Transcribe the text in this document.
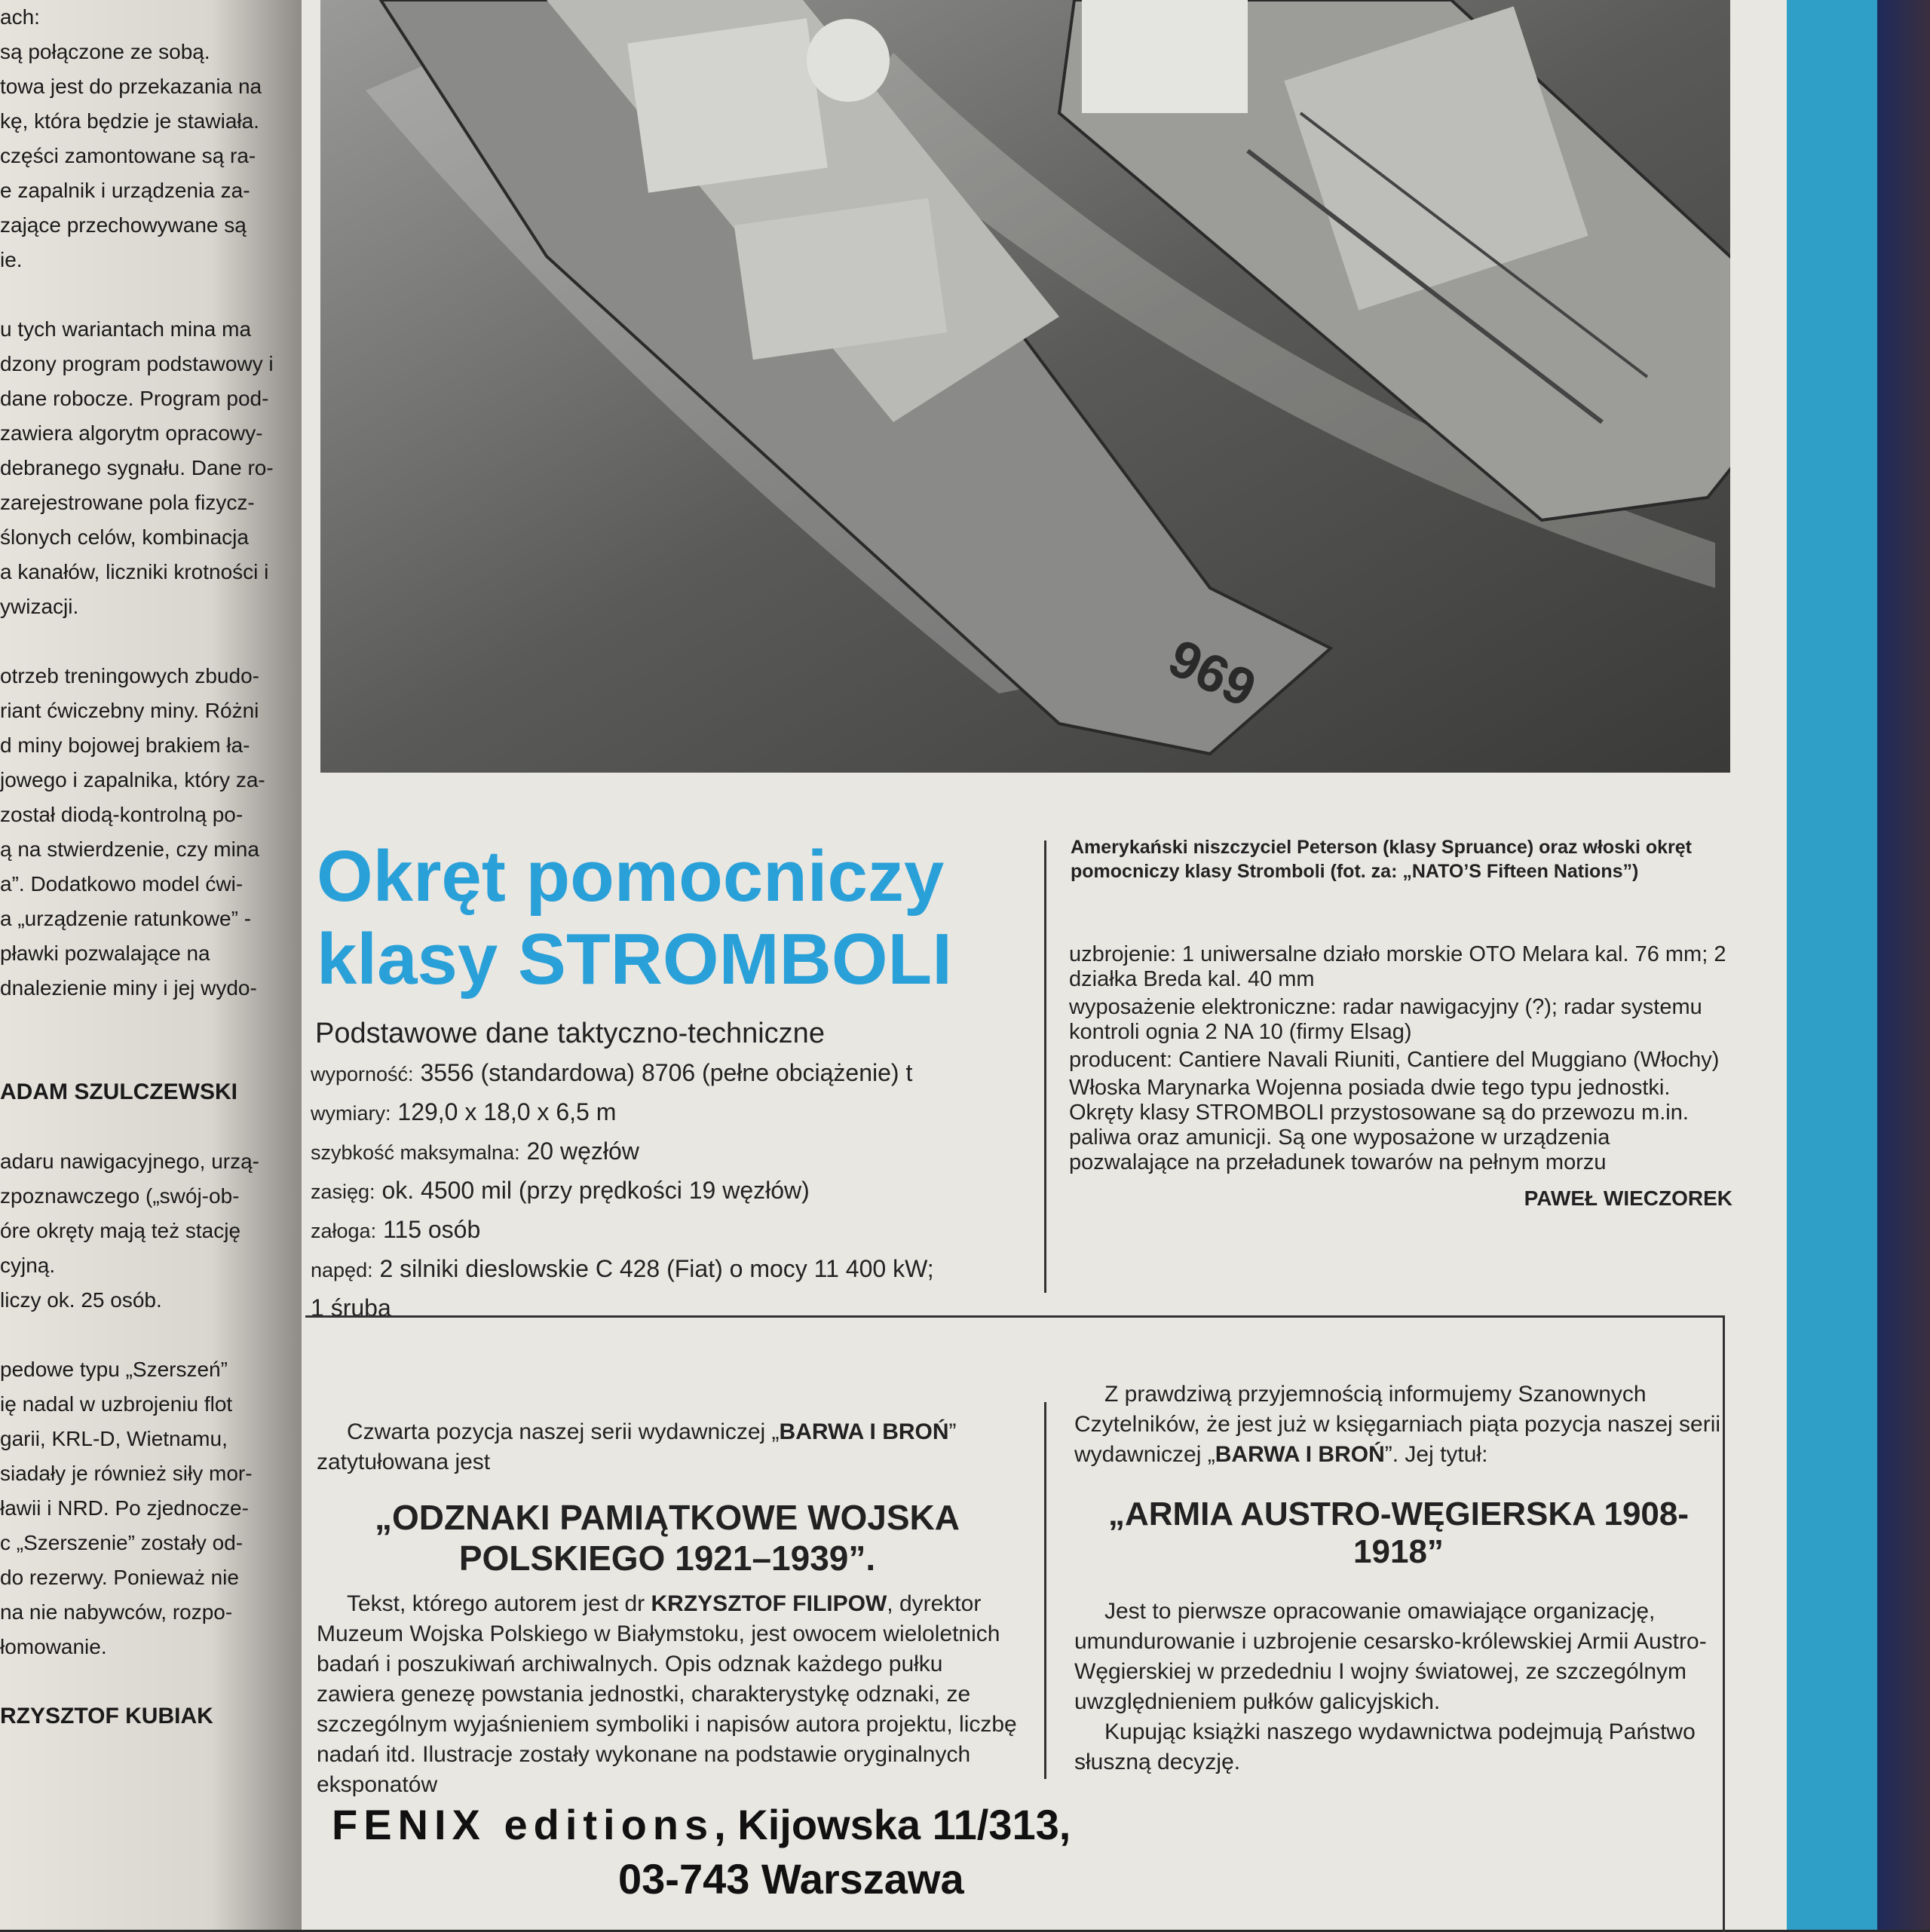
ach:

są połączone ze sobą.

towa jest do przekazania na

kę, która będzie je stawiała.

części zamontowane są ra-

e zapalnik i urządzenia za-

zające przechowywane są

ie.

u tych wariantach mina ma

dzony program podstawowy i

dane robocze. Program pod-

zawiera algorytm opracowy-

debranego sygnału. Dane ro-

zarejestrowane pola fizycz-

ślonych celów, kombinacja

a kanałów, liczniki krotności i

ywizacji.

otrzeb treningowych zbudo-

riant ćwiczebny miny. Różni

d miny bojowej brakiem ła-

jowego i zapalnika, który za-

został diodą-kontrolną po-

ą na stwierdzenie, czy mina

a”. Dodatkowo model ćwi-

a „urządzenie ratunkowe” -

pławki pozwalające na

dnalezienie miny i jej wydo-

ADAM SZULCZEWSKI

adaru nawigacyjnego, urzą-

zpoznawczego („swój-ob-

óre okręty mają też stację

cyjną.

liczy ok. 25 osób.

pedowe typu „Szerszeń”

ię nadal w uzbrojeniu flot

garii, KRL-D, Wietnamu,

siadały je również siły mor-

ławii i NRD. Po zjednocze-

c „Szerszenie” zostały od-

do rezerwy. Ponieważ nie

na nie nabywców, rozpo-

łomowanie.

RZYSZTOF KUBIAK

969
Okręt pomocniczy
klasy STROMBOLI
Podstawowe dane taktyczno-techniczne
wyporność: 3556 (standardowa) 8706 (pełne obciążenie) t
wymiary: 129,0 x 18,0 x 6,5 m
szybkość maksymalna: 20 węzłów
zasięg: ok. 4500 mil (przy prędkości 19 węzłów)
załoga: 115 osób
napęd: 2 silniki dieslowskie C 428 (Fiat) o mocy 11 400 kW;
1 śruba
Amerykański niszczyciel Peterson (klasy Spruance) oraz włoski okręt pomocniczy klasy Stromboli (fot. za: „NATO’S Fifteen Nations”)

uzbrojenie: 1 uniwersalne działo morskie OTO Melara kal. 76 mm; 2 działka Breda kal. 40 mm

wyposażenie elektroniczne: radar nawigacyjny (?); radar systemu kontroli ognia 2 NA 10 (firmy Elsag)

producent: Cantiere Navali Riuniti, Cantiere del Muggiano (Włochy)

Włoska Marynarka Wojenna posiada dwie tego typu jednostki. Okręty klasy STROMBOLI przystosowane są do przewozu m.in. paliwa oraz amunicji. Są one wyposażone w urządzenia pozwalające na przeładunek towarów na pełnym morzu

PAWEŁ WIECZOREK

Czwarta pozycja naszej serii wydawniczej „BARWA I BROŃ” zatytułowana jest

„ODZNAKI PAMIĄTKOWE WOJSKA POLSKIEGO 1921–1939”.

Tekst, którego autorem jest dr KRZYSZTOF FILIPOW, dyrektor Muzeum Wojska Polskiego w Białymstoku, jest owocem wieloletnich badań i poszukiwań archiwalnych. Opis odznak każdego pułku zawiera genezę powstania jednostki, charakterystykę odznaki, ze szczególnym wyjaśnieniem symboliki i napisów autora projektu, liczbę nadań itd. Ilustracje zostały wykonane na podstawie oryginalnych eksponatów

Z prawdziwą przyjemnością informujemy Szanownych Czytelników, że jest już w księgarniach piąta pozycja naszej serii wydawniczej „BARWA I BROŃ”. Jej tytuł:

„ARMIA AUSTRO-WĘGIERSKA 1908-1918”

Jest to pierwsze opracowanie omawiające organizację, umundurowanie i uzbrojenie cesarsko-królewskiej Armii Austro-Węgierskiej w przededniu I wojny światowej, ze szczególnym uwzględnieniem pułków galicyjskich.

Kupując książki naszego wydawnictwa podejmują Państwo słuszną decyzję.

FENIX editions, Kijowska 11/313,
03-743 Warszawa
